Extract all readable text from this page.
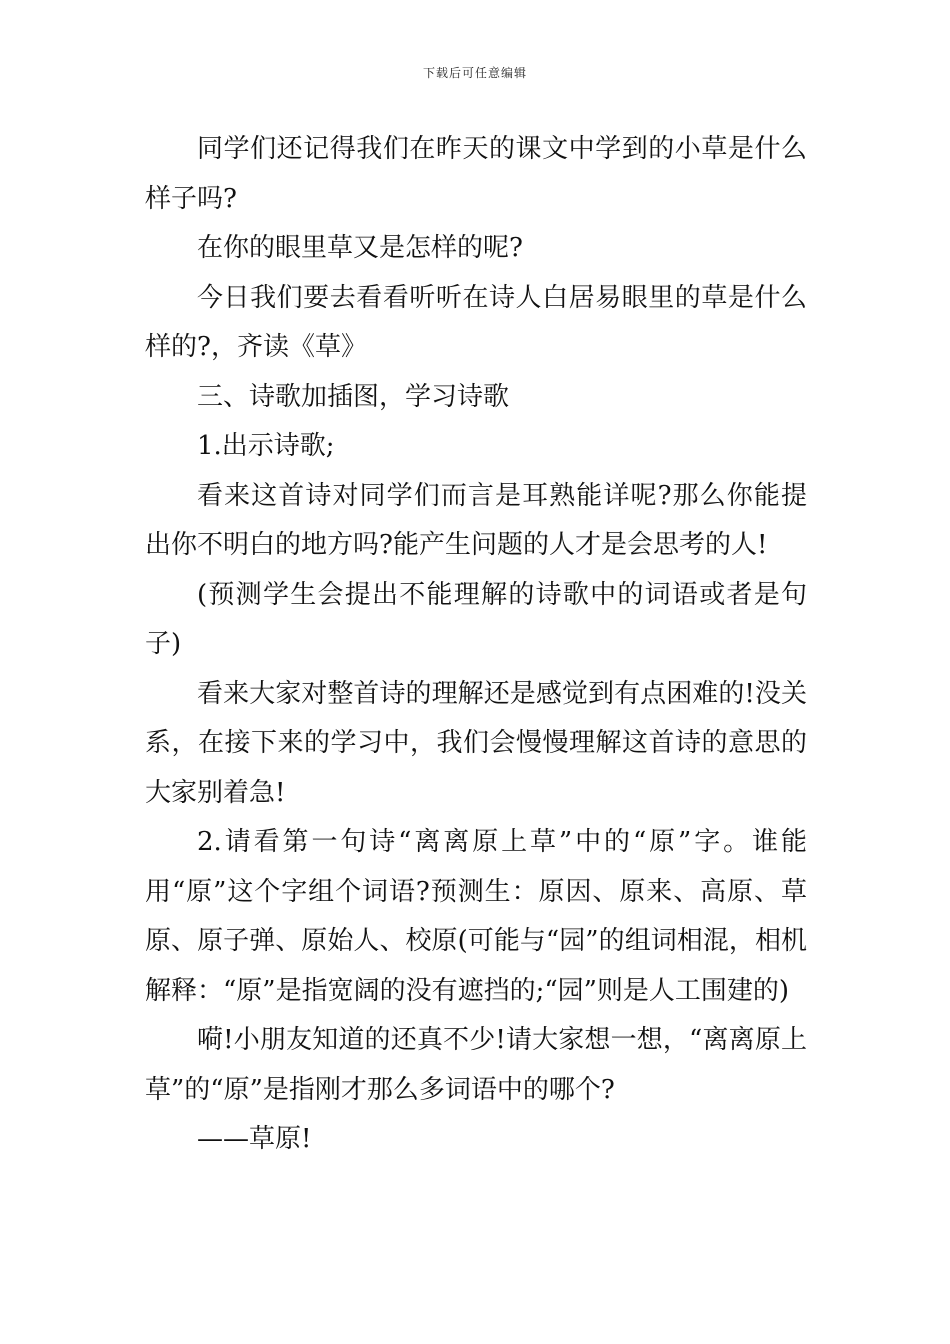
下载后可任意编辑

同学们还记得我们在昨天的课文中学到的小草是什么样子吗?

在你的眼里草又是怎样的呢?

今日我们要去看看听听在诗人白居易眼里的草是什么样的?，齐读《草》

三、诗歌加插图，学习诗歌

1.出示诗歌;

看来这首诗对同学们而言是耳熟能详呢?那么你能提出你不明白的地方吗?能产生问题的人才是会思考的人!

(预测学生会提出不能理解的诗歌中的词语或者是句子)

看来大家对整首诗的理解还是感觉到有点困难的!没关系，在接下来的学习中，我们会慢慢理解这首诗的意思的大家别着急!

2.请看第一句诗“离离原上草”中的“原”字。谁能用“原”这个字组个词语?预测生：原因、原来、高原、草原、原子弹、原始人、校原(可能与“园”的组词相混，相机解释：“原”是指宽阔的没有遮挡的;“园”则是人工围建的)

嗬!小朋友知道的还真不少!请大家想一想，“离离原上草”的“原”是指刚才那么多词语中的哪个?

——草原!
